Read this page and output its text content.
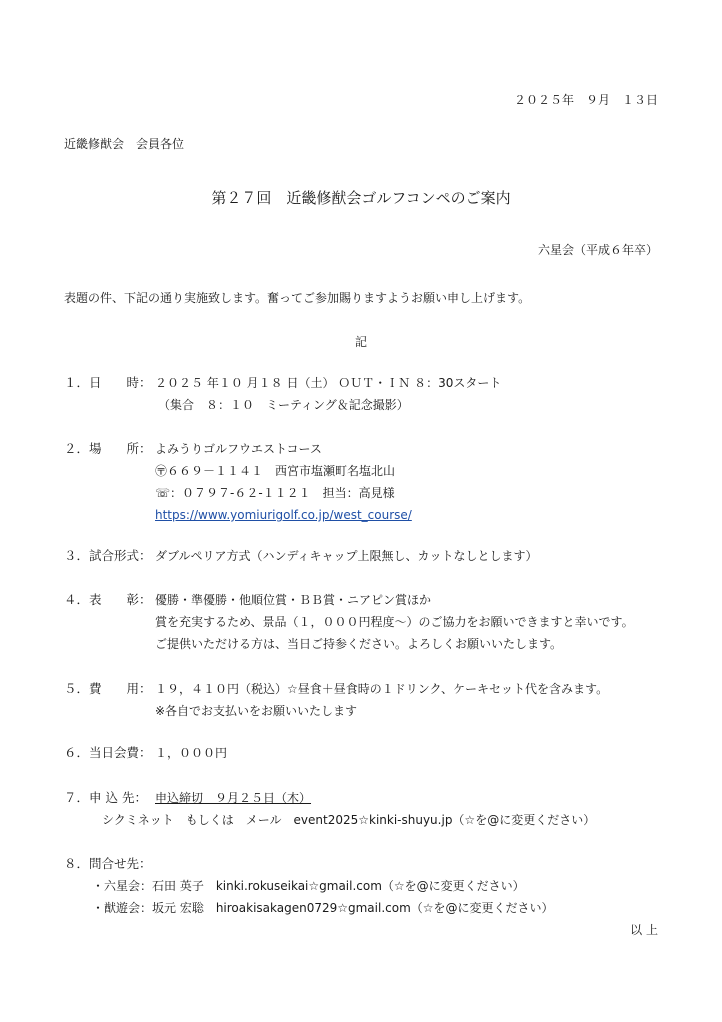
２０２５年　９月　１３日
近畿修猷会　会員各位
第２７回　近畿修猷会ゴルフコンペのご案内
六星会（平成６年卒）
表題の件、下記の通り実施致します。奮ってご参加賜りますようお願い申し上げます。
記
１．日　　時： ２０２５ 年１０ 月１８ 日（土） ＯＵＴ・ＩＮ ８：30スタート
（集合　８：１０　ミーティング＆記念撮影）
２．場　　所： よみうりゴルフウエストコース
〶６６９－１１４１　西宮市塩瀬町名塩北山
☏：０７９７-６２-１１２１　担当：高見様
https://www.yomiurigolf.co.jp/west_course/
３．試合形式： ダブルペリア方式（ハンディキャップ上限無し、カットなしとします）
４．表　　彰： 優勝・準優勝・他順位賞・ＢＢ賞・ニアピン賞ほか
賞を充実するため、景品（１，０００円程度～）のご協力をお願いできますと幸いです。
ご提供いただける方は、当日ご持参ください。よろしくお願いいたします。
５．費　　用： １９，４１０円（税込）☆昼食＋昼食時の１ドリンク、ケーキセット代を含みます。
※各自でお支払いをお願いいたします
６．当日会費： １，０００円
７．申 込 先： 申込締切　９月２５日（木）
シクミネット　もしくは　メール　event2025☆kinki-shuyu.jp（☆を@に変更ください）
８．問合せ先：
・六星会：石田 英子　kinki.rokuseikai☆gmail.com（☆を@に変更ください）
・猷遊会：坂元 宏聡　hiroakisakagen0729☆gmail.com（☆を@に変更ください）
以 上
